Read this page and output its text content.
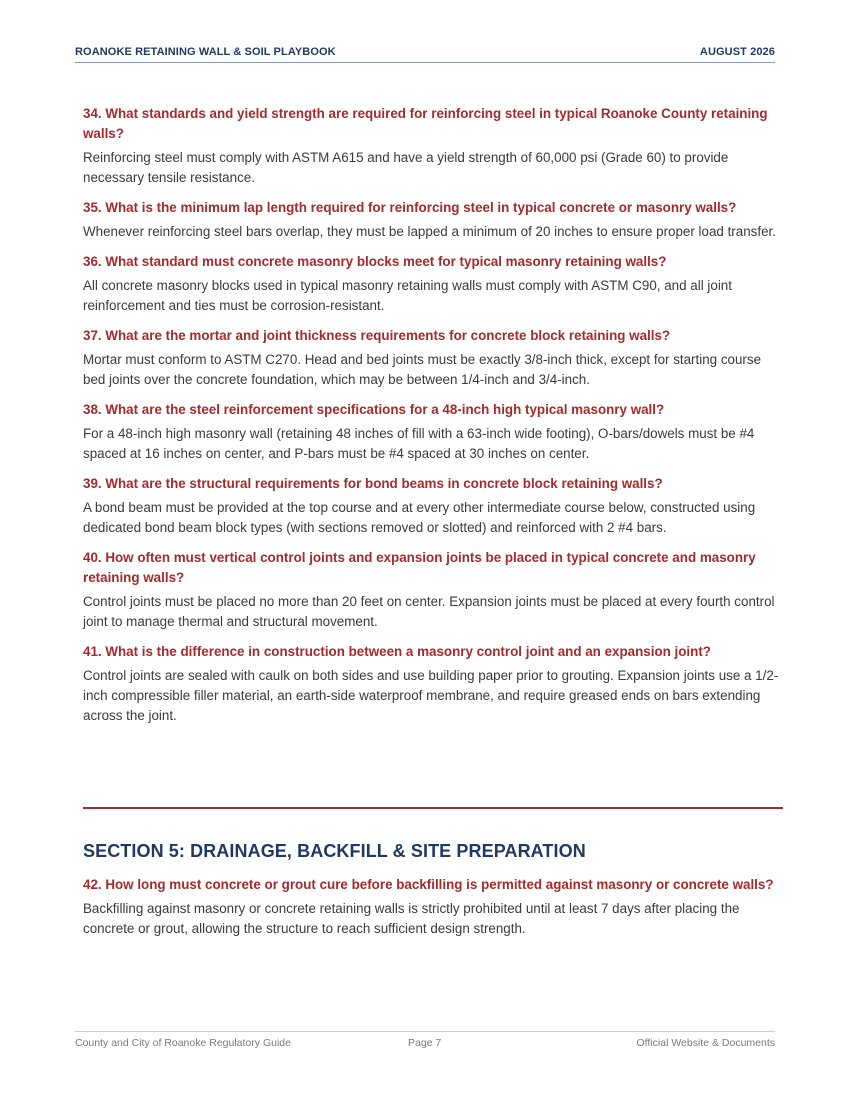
ROANOKE RETAINING WALL & SOIL PLAYBOOK	AUGUST 2026

34. What standards and yield strength are required for reinforcing steel in typical Roanoke County retaining walls?

Reinforcing steel must comply with ASTM A615 and have a yield strength of 60,000 psi (Grade 60) to provide necessary tensile resistance.

35. What is the minimum lap length required for reinforcing steel in typical concrete or masonry walls?

Whenever reinforcing steel bars overlap, they must be lapped a minimum of 20 inches to ensure proper load transfer.

36. What standard must concrete masonry blocks meet for typical masonry retaining walls?

All concrete masonry blocks used in typical masonry retaining walls must comply with ASTM C90, and all joint reinforcement and ties must be corrosion-resistant.

37. What are the mortar and joint thickness requirements for concrete block retaining walls?

Mortar must conform to ASTM C270. Head and bed joints must be exactly 3/8-inch thick, except for starting course bed joints over the concrete foundation, which may be between 1/4-inch and 3/4-inch.

38. What are the steel reinforcement specifications for a 48-inch high typical masonry wall?

For a 48-inch high masonry wall (retaining 48 inches of fill with a 63-inch wide footing), O-bars/dowels must be #4 spaced at 16 inches on center, and P-bars must be #4 spaced at 30 inches on center.

39. What are the structural requirements for bond beams in concrete block retaining walls?

A bond beam must be provided at the top course and at every other intermediate course below, constructed using dedicated bond beam block types (with sections removed or slotted) and reinforced with 2 #4 bars.

40. How often must vertical control joints and expansion joints be placed in typical concrete and masonry retaining walls?

Control joints must be placed no more than 20 feet on center. Expansion joints must be placed at every fourth control joint to manage thermal and structural movement.

41. What is the difference in construction between a masonry control joint and an expansion joint?

Control joints are sealed with caulk on both sides and use building paper prior to grouting. Expansion joints use a 1/2-inch compressible filler material, an earth-side waterproof membrane, and require greased ends on bars extending across the joint.

SECTION 5: DRAINAGE, BACKFILL & SITE PREPARATION

42. How long must concrete or grout cure before backfilling is permitted against masonry or concrete walls?

Backfilling against masonry or concrete retaining walls is strictly prohibited until at least 7 days after placing the concrete or grout, allowing the structure to reach sufficient design strength.

County and City of Roanoke Regulatory Guide	Page 7	Official Website & Documents
